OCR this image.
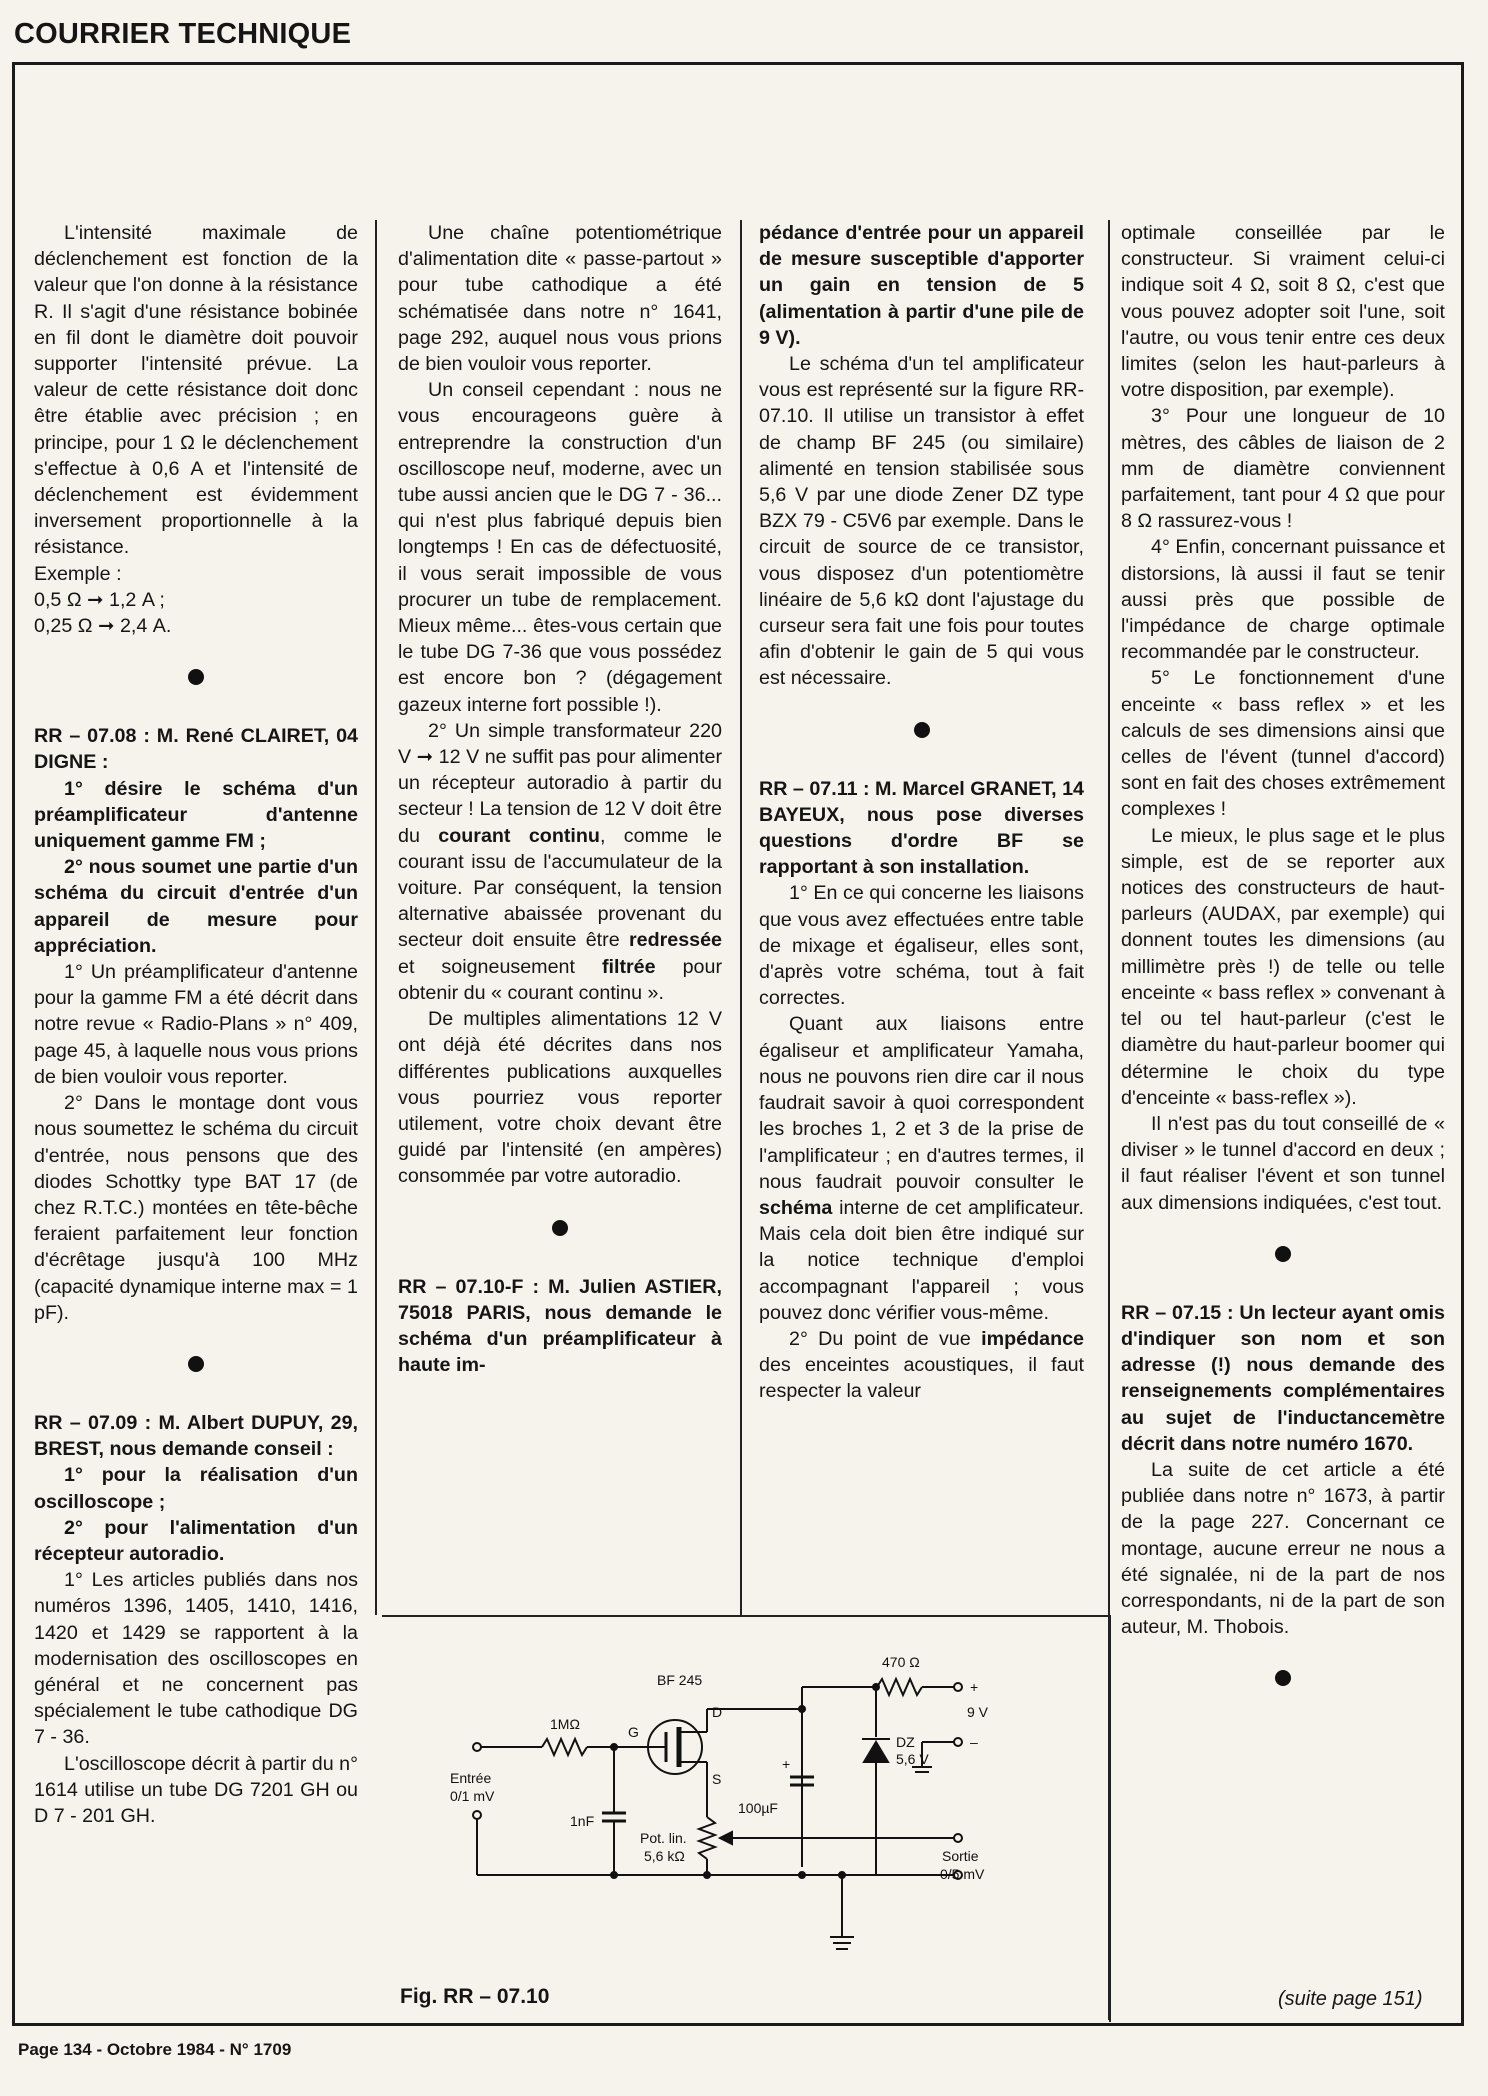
COURRIER TECHNIQUE

L'intensité maximale de déclenchement est fonction de la valeur que l'on donne à la résistance R. Il s'agit d'une résistance bobinée en fil dont le diamètre doit pouvoir supporter l'intensité prévue. La valeur de cette résistance doit donc être établie avec précision ; en principe, pour 1 Ω le déclenchement s'effectue à 0,6 A et l'intensité de déclenchement est évidemment inversement proportionnelle à la résistance.

Exemple :

0,5 Ω ➞ 1,2 A ;

0,25 Ω ➞ 2,4 A.

RR – 07.08 : M. René CLAIRET, 04 DIGNE :

1° désire le schéma d'un préamplificateur d'antenne uniquement gamme FM ;

2° nous soumet une partie d'un schéma du circuit d'entrée d'un appareil de mesure pour appréciation.

1° Un préamplificateur d'antenne pour la gamme FM a été décrit dans notre revue « Radio-Plans » n° 409, page 45, à laquelle nous vous prions de bien vouloir vous reporter.

2° Dans le montage dont vous nous soumettez le schéma du circuit d'entrée, nous pensons que des diodes Schottky type BAT 17 (de chez R.T.C.) montées en tête-bêche feraient parfaitement leur fonction d'écrêtage jusqu'à 100 MHz (capacité dynamique interne max = 1 pF).

RR – 07.09 : M. Albert DUPUY, 29, BREST, nous demande conseil :

1° pour la réalisation d'un oscilloscope ;

2° pour l'alimentation d'un récepteur autoradio.

1° Les articles publiés dans nos numéros 1396, 1405, 1410, 1416, 1420 et 1429 se rapportent à la modernisation des oscilloscopes en général et ne concernent pas spécialement le tube cathodique DG 7 - 36.

L'oscilloscope décrit à partir du n° 1614 utilise un tube DG 7201 GH ou D 7 - 201 GH.

Une chaîne potentiométrique d'alimentation dite « passe-partout » pour tube cathodique a été schématisée dans notre n° 1641, page 292, auquel nous vous prions de bien vouloir vous reporter.

Un conseil cependant : nous ne vous encourageons guère à entreprendre la construction d'un oscilloscope neuf, moderne, avec un tube aussi ancien que le DG 7 - 36... qui n'est plus fabriqué depuis bien longtemps ! En cas de défectuosité, il vous serait impossible de vous procurer un tube de remplacement. Mieux même... êtes-vous certain que le tube DG 7-36 que vous possédez est encore bon ? (dégagement gazeux interne fort possible !).

2° Un simple transformateur 220 V ➞ 12 V ne suffit pas pour alimenter un récepteur autoradio à partir du secteur ! La tension de 12 V doit être du courant continu, comme le courant issu de l'accumulateur de la voiture. Par conséquent, la tension alternative abaissée provenant du secteur doit ensuite être redressée et soigneusement filtrée pour obtenir du « courant continu ».

De multiples alimentations 12 V ont déjà été décrites dans nos différentes publications auxquelles vous pourriez vous reporter utilement, votre choix devant être guidé par l'intensité (en ampères) consommée par votre autoradio.

RR – 07.10-F : M. Julien ASTIER, 75018 PARIS, nous demande le schéma d'un préamplificateur à haute im-

pédance d'entrée pour un appareil de mesure susceptible d'apporter un gain en tension de 5 (alimentation à partir d'une pile de 9 V).

Le schéma d'un tel amplificateur vous est représenté sur la figure RR-07.10. Il utilise un transistor à effet de champ BF 245 (ou similaire) alimenté en tension stabilisée sous 5,6 V par une diode Zener DZ type BZX 79 - C5V6 par exemple. Dans le circuit de source de ce transistor, vous disposez d'un potentiomètre linéaire de 5,6 kΩ dont l'ajustage du curseur sera fait une fois pour toutes afin d'obtenir le gain de 5 qui vous est nécessaire.

RR – 07.11 : M. Marcel GRANET, 14 BAYEUX, nous pose diverses questions d'ordre BF se rapportant à son installation.

1° En ce qui concerne les liaisons que vous avez effectuées entre table de mixage et égaliseur, elles sont, d'après votre schéma, tout à fait correctes.

Quant aux liaisons entre égaliseur et amplificateur Yamaha, nous ne pouvons rien dire car il nous faudrait savoir à quoi correspondent les broches 1, 2 et 3 de la prise de l'amplificateur ; en d'autres termes, il nous faudrait pouvoir consulter le schéma interne de cet amplificateur. Mais cela doit bien être indiqué sur la notice technique d'emploi accompagnant l'appareil ; vous pouvez donc vérifier vous-même.

2° Du point de vue impédance des enceintes acoustiques, il faut respecter la valeur

optimale conseillée par le constructeur. Si vraiment celui-ci indique soit 4 Ω, soit 8 Ω, c'est que vous pouvez adopter soit l'une, soit l'autre, ou vous tenir entre ces deux limites (selon les haut-parleurs à votre disposition, par exemple).

3° Pour une longueur de 10 mètres, des câbles de liaison de 2 mm de diamètre conviennent parfaitement, tant pour 4 Ω que pour 8 Ω rassurez-vous !

4° Enfin, concernant puissance et distorsions, là aussi il faut se tenir aussi près que possible de l'impédance de charge optimale recommandée par le constructeur.

5° Le fonctionnement d'une enceinte « bass reflex » et les calculs de ses dimensions ainsi que celles de l'évent (tunnel d'accord) sont en fait des choses extrêmement complexes !

Le mieux, le plus sage et le plus simple, est de se reporter aux notices des constructeurs de haut-parleurs (AUDAX, par exemple) qui donnent toutes les dimensions (au millimètre près !) de telle ou telle enceinte « bass reflex » convenant à tel ou tel haut-parleur (c'est le diamètre du haut-parleur boomer qui détermine le choix du type d'enceinte « bass-reflex »).

Il n'est pas du tout conseillé de « diviser » le tunnel d'accord en deux ; il faut réaliser l'évent et son tunnel aux dimensions indiquées, c'est tout.

RR – 07.15 : Un lecteur ayant omis d'indiquer son nom et son adresse (!) nous demande des renseignements complémentaires au sujet de l'inductancemètre décrit dans notre numéro 1670.

La suite de cet article a été publiée dans notre n° 1673, à partir de la page 227. Concernant ce montage, aucune erreur ne nous a été signalée, ni de la part de nos correspondants, ni de la part de son auteur, M. Thobois.

BF 245
470 Ω
+
9 V
–
1MΩ	G
D
S
DZ
5,6 V
Entrée
0/1 mV
100µF
+
1nF
Pot. lin.
5,6 kΩ	Sortie
0/5 mV
Fig. RR – 07.10	(suite page 151)
Page 134 - Octobre 1984 - N° 1709
